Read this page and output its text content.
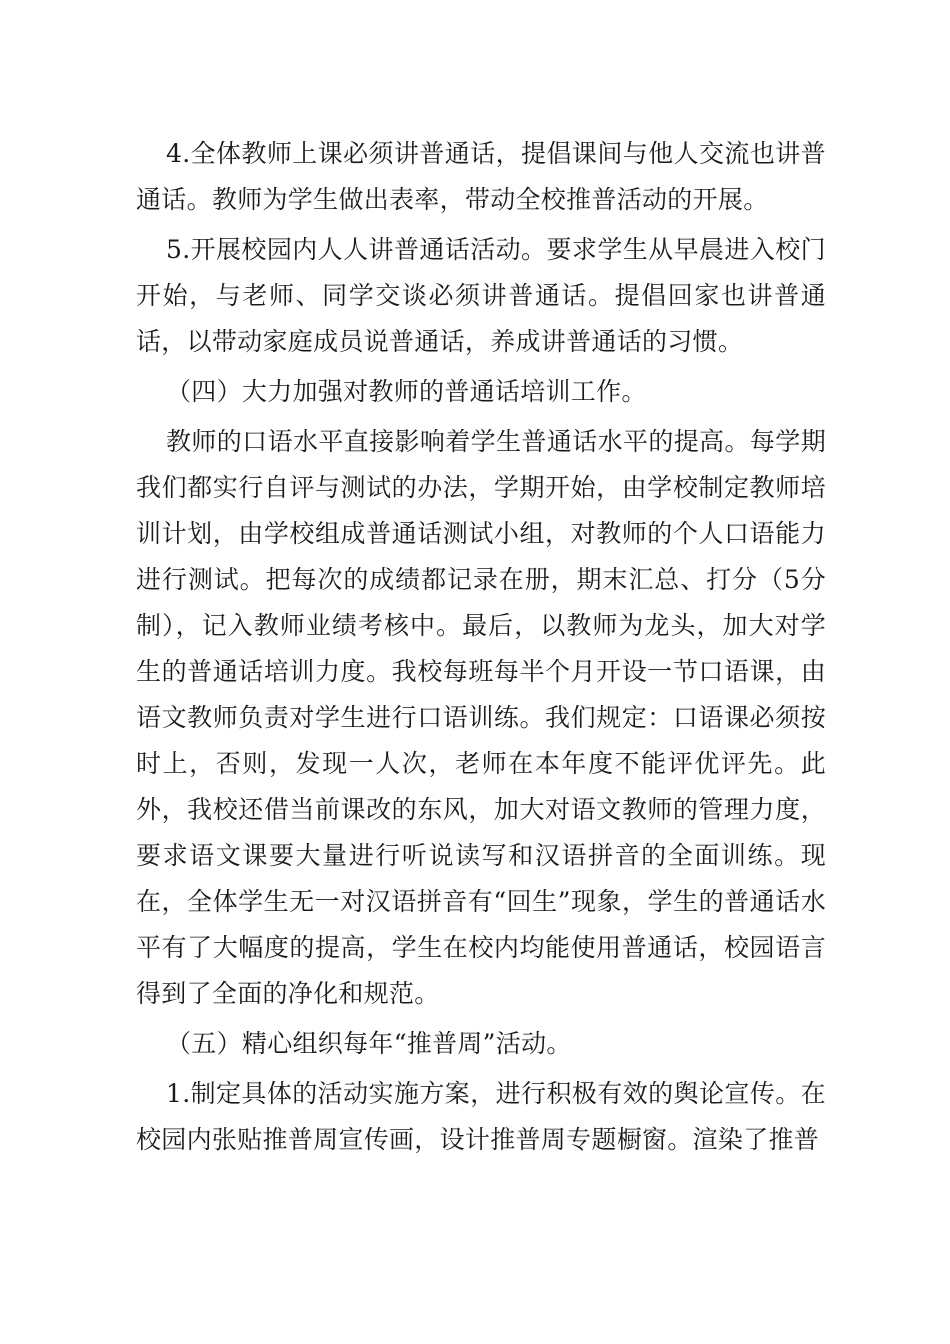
4.全体教师上课必须讲普通话，提倡课间与他人交流也讲普通话。教师为学生做出表率，带动全校推普活动的开展。

5.开展校园内人人讲普通话活动。要求学生从早晨进入校门开始，与老师、同学交谈必须讲普通话。提倡回家也讲普通话，以带动家庭成员说普通话，养成讲普通话的习惯。

（四）大力加强对教师的普通话培训工作。

教师的口语水平直接影响着学生普通话水平的提高。每学期我们都实行自评与测试的办法，学期开始，由学校制定教师培训计划，由学校组成普通话测试小组，对教师的个人口语能力进行测试。把每次的成绩都记录在册，期末汇总、打分（5分制），记入教师业绩考核中。最后，以教师为龙头，加大对学生的普通话培训力度。我校每班每半个月开设一节口语课，由语文教师负责对学生进行口语训练。我们规定：口语课必须按时上，否则，发现一人次，老师在本年度不能评优评先。此外，我校还借当前课改的东风，加大对语文教师的管理力度，要求语文课要大量进行听说读写和汉语拼音的全面训练。现在，全体学生无一对汉语拼音有“回生”现象，学生的普通话水平有了大幅度的提高，学生在校内均能使用普通话，校园语言得到了全面的净化和规范。

（五）精心组织每年“推普周”活动。

1.制定具体的活动实施方案，进行积极有效的舆论宣传。在校园内张贴推普周宣传画，设计推普周专题橱窗。渲染了推普
